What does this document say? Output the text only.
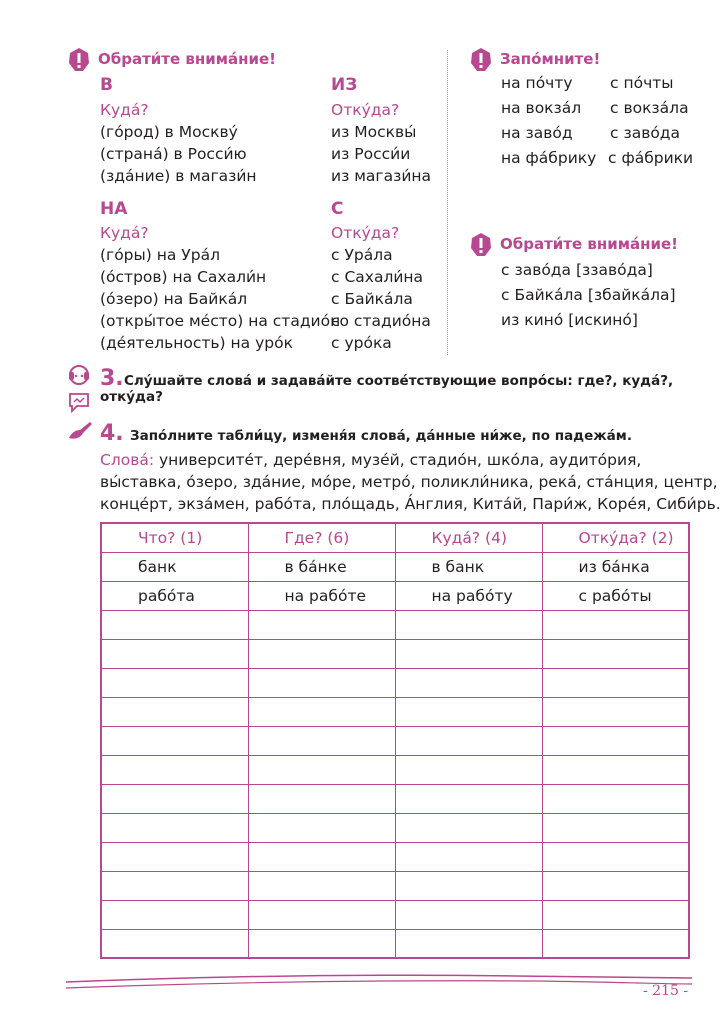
Обрати́те внима́ние!
В
Куда́?
(го́род) в Москву́
(страна́) в Росси́ю
(зда́ние) в магази́н
ИЗ
Отку́да?
из Москвы́
из Росси́и
из магази́на
НА
Куда́?
(го́ры) на Ура́л
(о́стров) на Сахали́н
(о́зеро) на Байка́л
(откры́тое ме́сто) на стадио́н
(де́ятельность) на уро́к
С
Отку́да?
с Ура́ла
с Сахали́на
с Байка́ла
со стадио́на
с уро́ка
Запо́мните!
на по́чту с по́чты
на вокза́л с вокза́ла
на заво́д с заво́да
на фа́брику с фа́брики
Обрати́те внима́ние!
с заво́да [ззаво́да]
с Байка́ла [збайка́ла]
из кино́ [искино́]
3. Слу́шайте слова́ и задава́йте соотве́тствующие вопро́сы: где?, куда́?,
отку́да?
4. Запо́лните табли́цу, изменя́я слова́, да́нные ни́же, по падежа́м.
Слова́: университе́т, дере́вня, музе́й, стадио́н, шко́ла, аудито́рия,
вы́ставка, о́зеро, зда́ние, мо́ре, метро́, поликли́ника, река́, ста́нция, центр,
конце́рт, экза́мен, рабо́та, пло́щадь, А́нглия, Кита́й, Пари́ж, Коре́я, Сиби́рь.
Что? (1)	Где? (6)	Куда́? (4)	Отку́да? (2)
банк	в ба́нке	в банк	из ба́нка
рабо́та	на рабо́те	на рабо́ту	с рабо́ты

- 215 -
